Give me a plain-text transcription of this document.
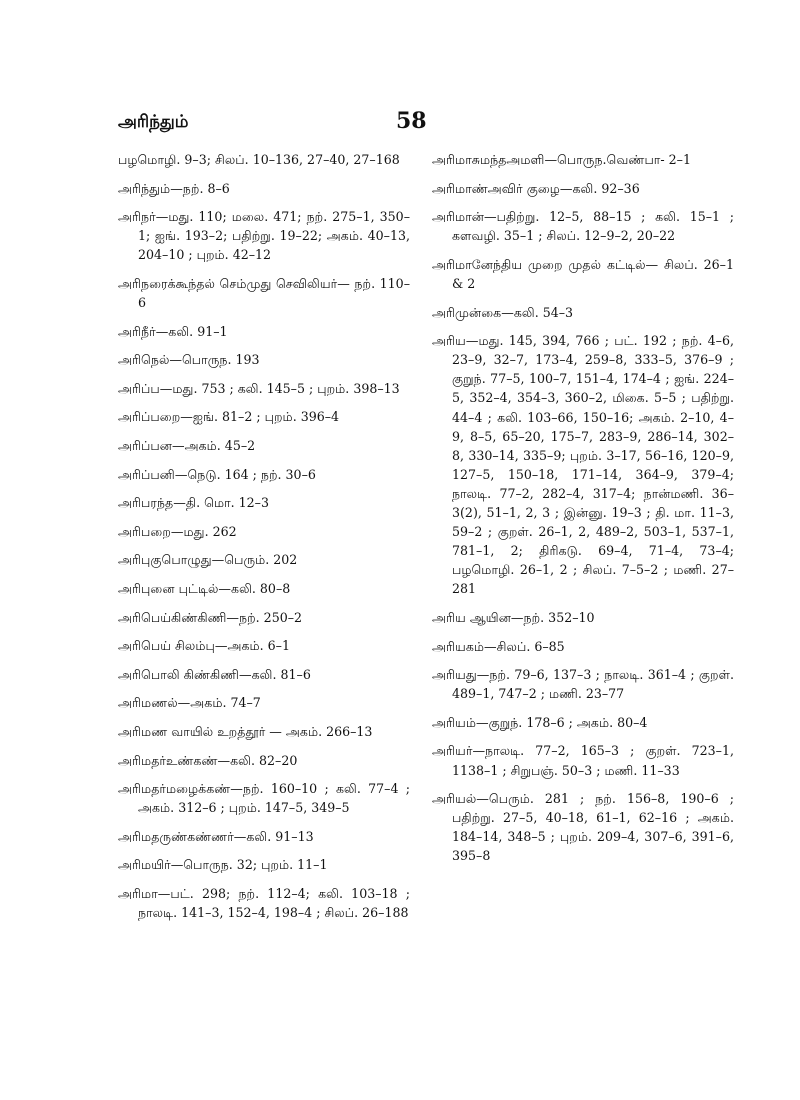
அரிந்தும்	58
பழமொழி. 9–3; சிலப். 10–136, 27–40, 27–168
அரிந்தும்—நற். 8–6
அரிநர்—மது. 110; மலை. 471; நற். 275–1, 350–1; ஐங். 193–2; பதிற்று. 19–22; அகம். 40–13, 204–10 ; புறம். 42–12
அரிநரைக்கூந்தல் செம்முது செவிலியர்— நற். 110–6
அரிநீர்—கலி. 91–1
அரிநெல்—பொருந. 193
அரிப்ப—மது. 753 ; கலி. 145–5 ; புறம். 398–13
அரிப்பறை—ஐங். 81–2 ; புறம். 396–4
அரிப்பன—அகம். 45–2
அரிப்பனி—நெடு. 164 ; நற். 30–6
அரிபரந்த—தி. மொ. 12–3
அரிபறை—மது. 262
அரிபுகுபொழுது—பெரும். 202
அரிபுனை புட்டில்—கலி. 80–8
அரிபெய்கிண்கிணி—நற். 250–2
அரிபெய் சிலம்பு—அகம். 6–1
அரிபொலி கிண்கிணி—கலி. 81–6
அரிமணல்—அகம். 74–7
அரிமண வாயில் உறத்தூர் — அகம். 266–13
அரிமதர்உண்கண்—கலி. 82–20
அரிமதர்மழைக்கண்—நற். 160–10 ; கலி. 77–4 ; அகம். 312–6 ; புறம். 147–5, 349–5
அரிமதருண்கண்ணர்—கலி. 91–13
அரிமயிர்—பொருந. 32; புறம். 11–1
அரிமா—பட். 298; நற். 112–4; கலி. 103–18 ; நாலடி. 141–3, 152–4, 198–4 ; சிலப். 26–188
அரிமாசுமந்தஅமளி—பொருந.வெண்பா- 2–1
அரிமாண்அவிர் குழை—கலி. 92–36
அரிமான்—பதிற்று. 12–5, 88–15 ; கலி. 15–1 ; களவழி. 35–1 ; சிலப். 12–9–2, 20–22
அரிமானேந்திய முறை முதல் கட்டில்— சிலப். 26–1 & 2
அரிமுன்கை—கலி. 54–3
அரிய—மது. 145, 394, 766 ; பட். 192 ; நற். 4–6, 23–9, 32–7, 173–4, 259–8, 333–5, 376–9 ; குறுந். 77–5, 100–7, 151–4, 174–4 ; ஐங். 224–5, 352–4, 354–3, 360–2, மிகை. 5–5 ; பதிற்று. 44–4 ; கலி. 103–66, 150–16; அகம். 2–10, 4–9, 8–5, 65–20, 175–7, 283–9, 286–14, 302–8, 330–14, 335–9; புறம். 3–17, 56–16, 120–9, 127–5, 150–18, 171–14, 364–9, 379–4; நாலடி. 77–2, 282–4, 317–4; நான்மணி. 36–3(2), 51–1, 2, 3 ; இன்னு. 19–3 ; தி. மா. 11–3, 59–2 ; குறள். 26–1, 2, 489–2, 503–1, 537–1, 781–1, 2; திரிகடு. 69–4, 71–4, 73–4; பழமொழி. 26–1, 2 ; சிலப். 7–5–2 ; மணி. 27–281
அரிய ஆயின—நற். 352–10
அரியகம்—சிலப். 6–85
அரியது—நற். 79–6, 137–3 ; நாலடி. 361–4 ; குறள். 489–1, 747–2 ; மணி. 23–77
அரியம்—குறுந். 178–6 ; அகம். 80–4
அரியர்—நாலடி. 77–2, 165–3 ; குறள். 723–1, 1138–1 ; சிறுபஞ். 50–3 ; மணி. 11–33
அரியல்—பெரும். 281 ; நற். 156–8, 190–6 ; பதிற்று. 27–5, 40–18, 61–1, 62–16 ; அகம். 184–14, 348–5 ; புறம். 209–4, 307–6, 391–6, 395–8
